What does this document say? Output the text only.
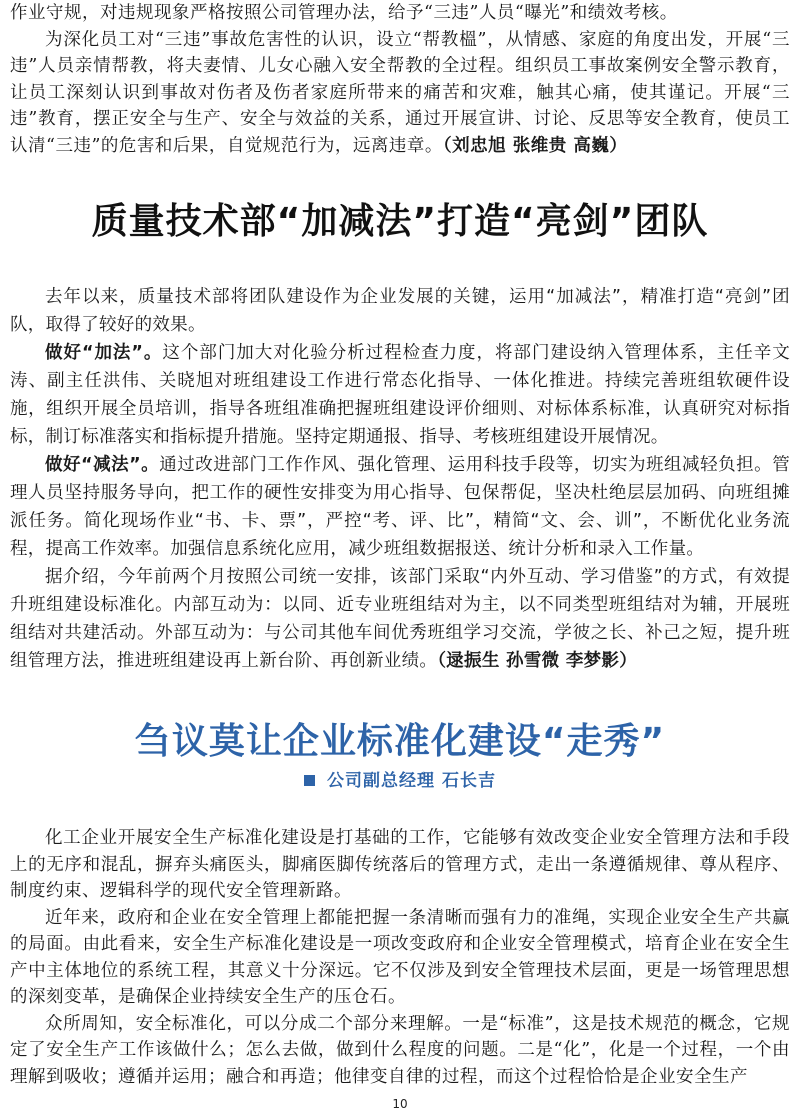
作业守规，对违规现象严格按照公司管理办法，给予“三违”人员“曝光”和绩效考核。

为深化员工对“三违”事故危害性的认识，设立“帮教榲”，从情感、家庭的角度出发，开展“三违”人员亲情帮教，将夫妻情、儿女心融入安全帮教的全过程。组织员工事故案例安全警示教育，让员工深刻认识到事故对伤者及伤者家庭所带来的痛苦和灾难，触其心痛，使其谨记。开展“三违”教育，摆正安全与生产、安全与效益的关系，通过开展宣讲、讨论、反思等安全教育，使员工认清“三违”的危害和后果，自觉规范行为，远离违章。（刘忠旭 张维贵 高巍）

质量技术部“加减法”打造“亮剑”团队

去年以来，质量技术部将团队建设作为企业发展的关键，运用“加减法”，精准打造“亮剑”团队，取得了较好的效果。

做好“加法”。这个部门加大对化验分析过程检查力度，将部门建设纳入管理体系，主任辛文涛、副主任洪伟、关晓旭对班组建设工作进行常态化指导、一体化推进。持续完善班组软硬件设施，组织开展全员培训，指导各班组准确把握班组建设评价细则、对标体系标准，认真研究对标指标，制订标准落实和指标提升措施。坚持定期通报、指导、考核班组建设开展情况。

做好“减法”。通过改进部门工作作风、强化管理、运用科技手段等，切实为班组减轻负担。管理人员坚持服务导向，把工作的硬性安排变为用心指导、包保帮促，坚决杜绝层层加码、向班组摊派任务。简化现场作业“书、卡、票”，严控“考、评、比”，精简“文、会、训”，不断优化业务流程，提高工作效率。加强信息系统化应用，减少班组数据报送、统计分析和录入工作量。

据介绍，今年前两个月按照公司统一安排，该部门采取“内外互动、学习借鉴”的方式，有效提升班组建设标准化。内部互动为：以同、近专业班组结对为主，以不同类型班组结对为辅，开展班组结对共建活动。外部互动为：与公司其他车间优秀班组学习交流，学彼之长、补己之短，提升班组管理方法，推进班组建设再上新台阶、再创新业绩。（逯振生 孙雪微 李梦影）

刍议莫让企业标准化建设“走秀”
公司副总经理 石长吉

化工企业开展安全生产标准化建设是打基础的工作，它能够有效改变企业安全管理方法和手段上的无序和混乱，摒弃头痛医头，脚痛医脚传统落后的管理方式，走出一条遵循规律、尊从程序、制度约束、逻辑科学的现代安全管理新路。

近年来，政府和企业在安全管理上都能把握一条清晰而强有力的准绳，实现企业安全生产共赢的局面。由此看来，安全生产标准化建设是一项改变政府和企业安全管理模式，培育企业在安全生产中主体地位的系统工程，其意义十分深远。它不仅涉及到安全管理技术层面，更是一场管理思想的深刻变革，是确保企业持续安全生产的压仓石。

众所周知，安全标准化，可以分成二个部分来理解。一是“标准”，这是技术规范的概念，它规定了安全生产工作该做什么；怎么去做，做到什么程度的问题。二是“化”，化是一个过程，一个由理解到吸收；遵循并运用；融合和再造；他律变自律的过程，而这个过程恰恰是企业安全生产

10
